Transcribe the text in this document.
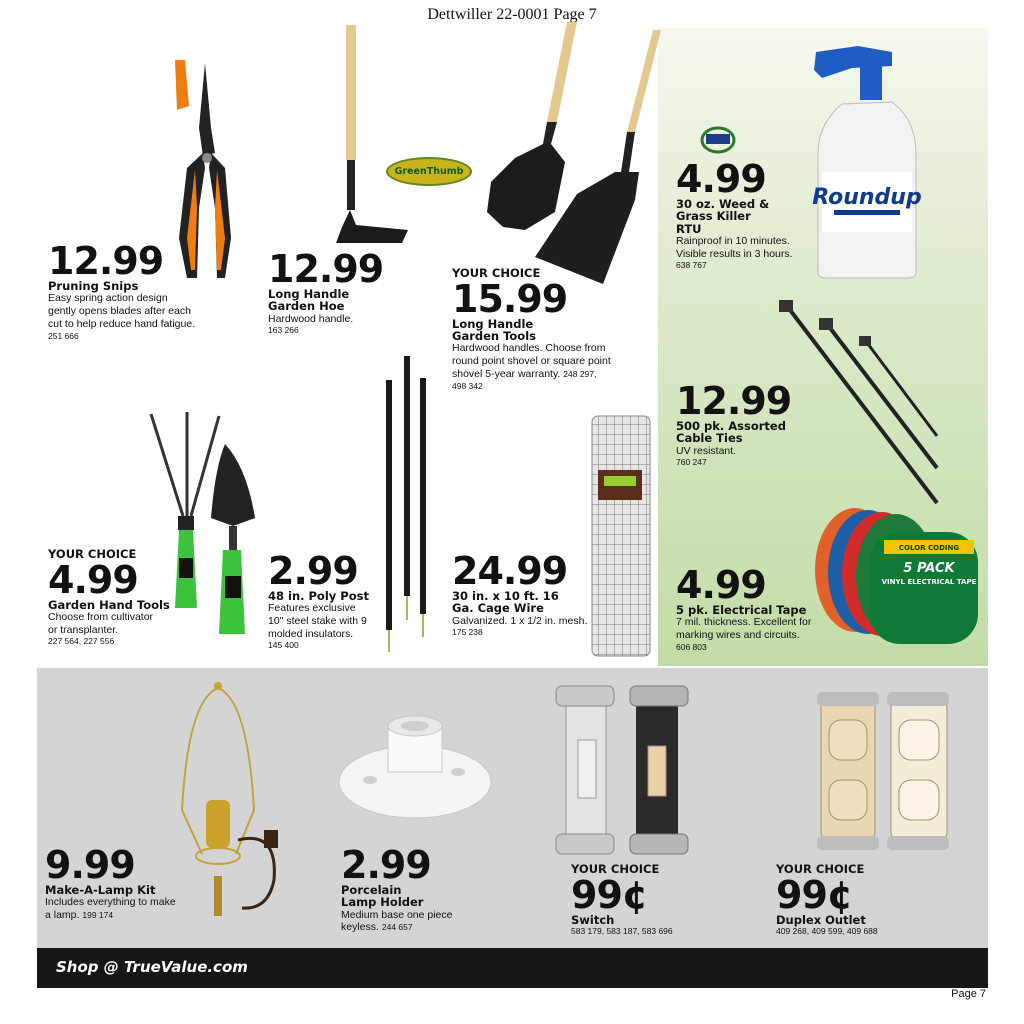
Dettwiller 22-0001 Page 7
GreenThumb
Roundup
COLOR CODING
5 PACK
VINYL ELECTRICAL TAPE
12.99
Pruning Snips
Easy spring action design gently opens blades after each cut to help reduce hand fatigue. 251 666
12.99
Long Handle Garden Hoe
Hardwood handle.
163 266
YOUR CHOICE
15.99
Long Handle Garden Tools
Hardwood handles. Choose from round point shovel or square point shovel 5-year warranty. 248 297, 498 342
4.99
30 oz. Weed & Grass Killer RTU
Rainproof in 10 minutes. Visible results in 3 hours.
638 767
12.99
500 pk. Assorted Cable Ties
UV resistant.
760 247
YOUR CHOICE
4.99
Garden Hand Tools
Choose from cultivator or transplanter.
227 564, 227 556
2.99
48 in. Poly Post
Features exclusive 10" steel stake with 9 molded insulators.
145 400
24.99
30 in. x 10 ft. 16 Ga. Cage Wire
Galvanized. 1 x 1/2 in. mesh.
175 238
4.99
5 pk. Electrical Tape
7 mil. thickness. Excellent for marking wires and circuits.
606 803
9.99
Make-A-Lamp Kit
Includes everything to make a lamp. 199 174
2.99
Porcelain Lamp Holder
Medium base one piece keyless. 244 657
YOUR CHOICE
99¢
Switch
583 179, 583 187, 583 696
YOUR CHOICE
99¢
Duplex Outlet
409 268, 409 599, 409 688
Shop @ TrueValue.com
Page 7
